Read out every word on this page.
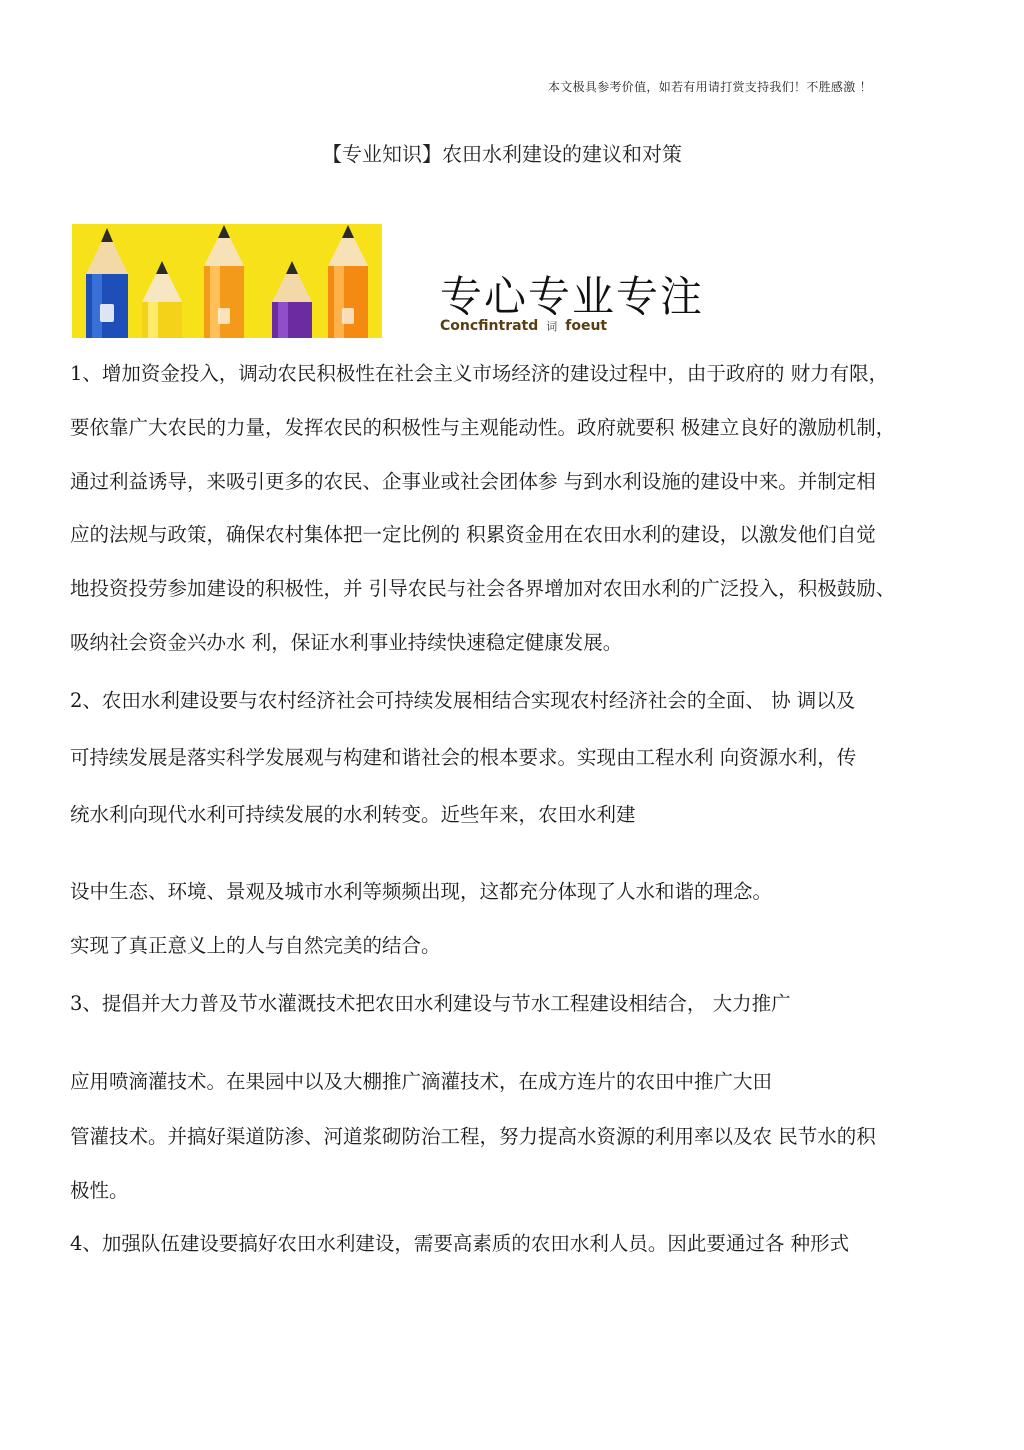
本文极具参考价值，如若有用请打赏支持我们！不胜感激 ！
【专业知识】农田水利建设的建议和对策
专心专业专注
Concfintratd 词 foeut
1、增加资金投入，调动农民积极性在社会主义市场经济的建设过程中，由于政府的 财力有限，
要依靠广大农民的力量，发挥农民的积极性与主观能动性。政府就要积 极建立良好的激励机制，
通过利益诱导，来吸引更多的农民、企事业或社会团体参 与到水利设施的建设中来。并制定相
应的法规与政策，确保农村集体把一定比例的 积累资金用在农田水利的建设，以激发他们自觉
地投资投劳参加建设的积极性，并 引导农民与社会各界增加对农田水利的广泛投入，积极鼓励、
吸纳社会资金兴办水 利，保证水利事业持续快速稳定健康发展。
2、农田水利建设要与农村经济社会可持续发展相结合实现农村经济社会的全面、 协 调以及
可持续发展是落实科学发展观与构建和谐社会的根本要求。实现由工程水利 向资源水利，传
统水利向现代水利可持续发展的水利转变。近些年来，农田水利建
设中生态、环境、景观及城市水利等频频出现，这都充分体现了人水和谐的理念。
实现了真正意义上的人与自然完美的结合。
3、提倡并大力普及节水灌溉技术把农田水利建设与节水工程建设相结合， 大力推广
应用喷滴灌技术。在果园中以及大棚推广滴灌技术，在成方连片的农田中推广大田
管灌技术。并搞好渠道防渗、河道浆砌防治工程，努力提高水资源的利用率以及农 民节水的积
极性。
4、加强队伍建设要搞好农田水利建设，需要高素质的农田水利人员。因此要通过各 种形式
